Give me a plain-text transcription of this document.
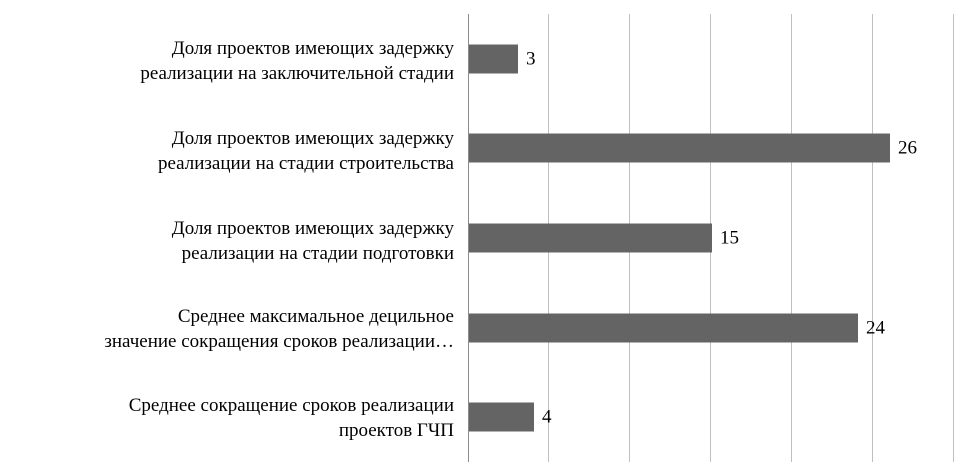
Доля проектов имеющих задержку
реализации на заключительной стадии
Доля проектов имеющих задержку
реализации на стадии строительства
Доля проектов имеющих задержку
реализации на стадии подготовки
Среднее максимальное децильное
значение сокращения сроков реализации…
Среднее сокращение сроков реализации
проектов ГЧП
3
26
15
24
4
